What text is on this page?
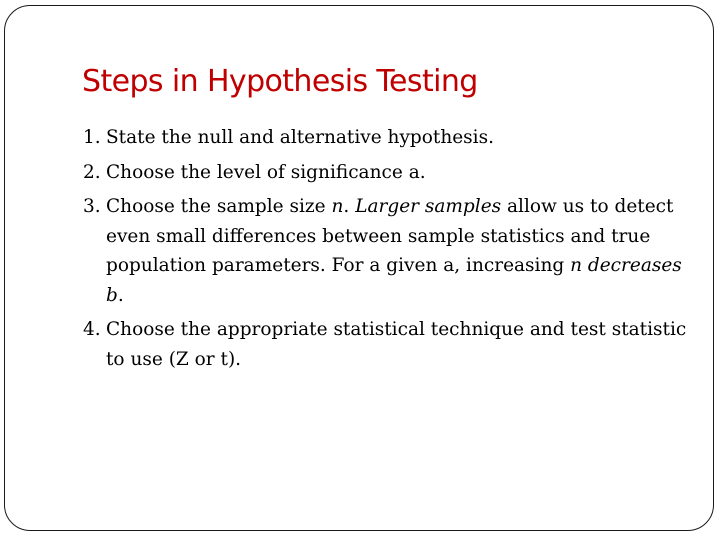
Steps in Hypothesis Testing
1. State the null and alternative hypothesis.
2. Choose the level of significance a.
3. Choose the sample size n. Larger samples allow us to detect even small differences between sample statistics and true population parameters. For a given a, increasing n decreases b.
4. Choose the appropriate statistical technique and test statistic to use (Z or t).
